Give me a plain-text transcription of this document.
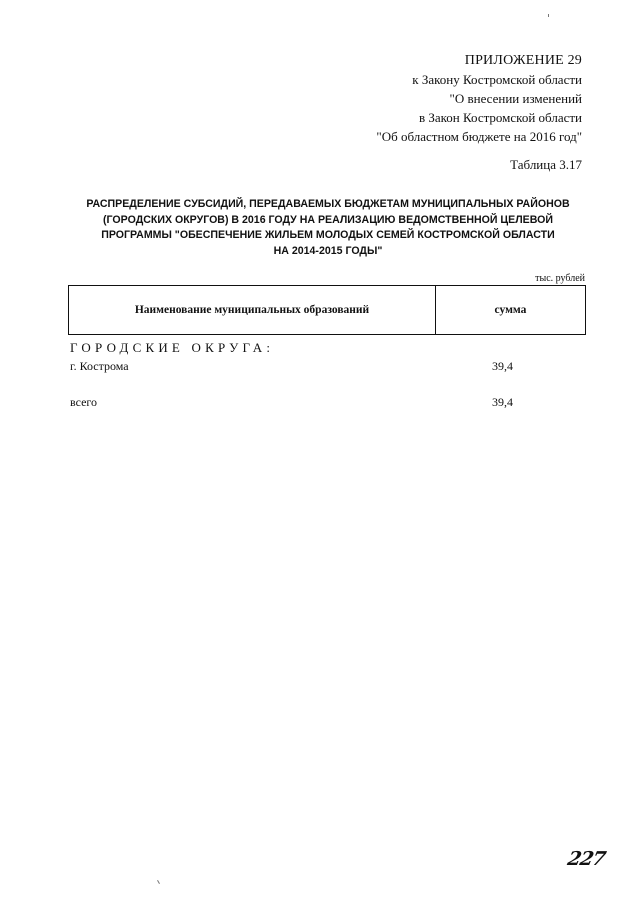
ПРИЛОЖЕНИЕ 29
к Закону Костромской области
"О внесении изменений
в Закон Костромской области
"Об областном бюджете на 2016 год"
Таблица 3.17
РАСПРЕДЕЛЕНИЕ СУБСИДИЙ, ПЕРЕДАВАЕМЫХ БЮДЖЕТАМ МУНИЦИПАЛЬНЫХ РАЙОНОВ
(ГОРОДСКИХ ОКРУГОВ) В 2016 ГОДУ НА РЕАЛИЗАЦИЮ ВЕДОМСТВЕННОЙ ЦЕЛЕВОЙ
ПРОГРАММЫ "ОБЕСПЕЧЕНИЕ ЖИЛЬЕМ МОЛОДЫХ СЕМЕЙ КОСТРОМСКОЙ ОБЛАСТИ
НА 2014-2015 ГОДЫ"
тыс. рублей
Наименование муниципальных образований	сумма
ГОРОДСКИЕ ОКРУГА:
г. Кострома	39,4
всего	39,4
227
